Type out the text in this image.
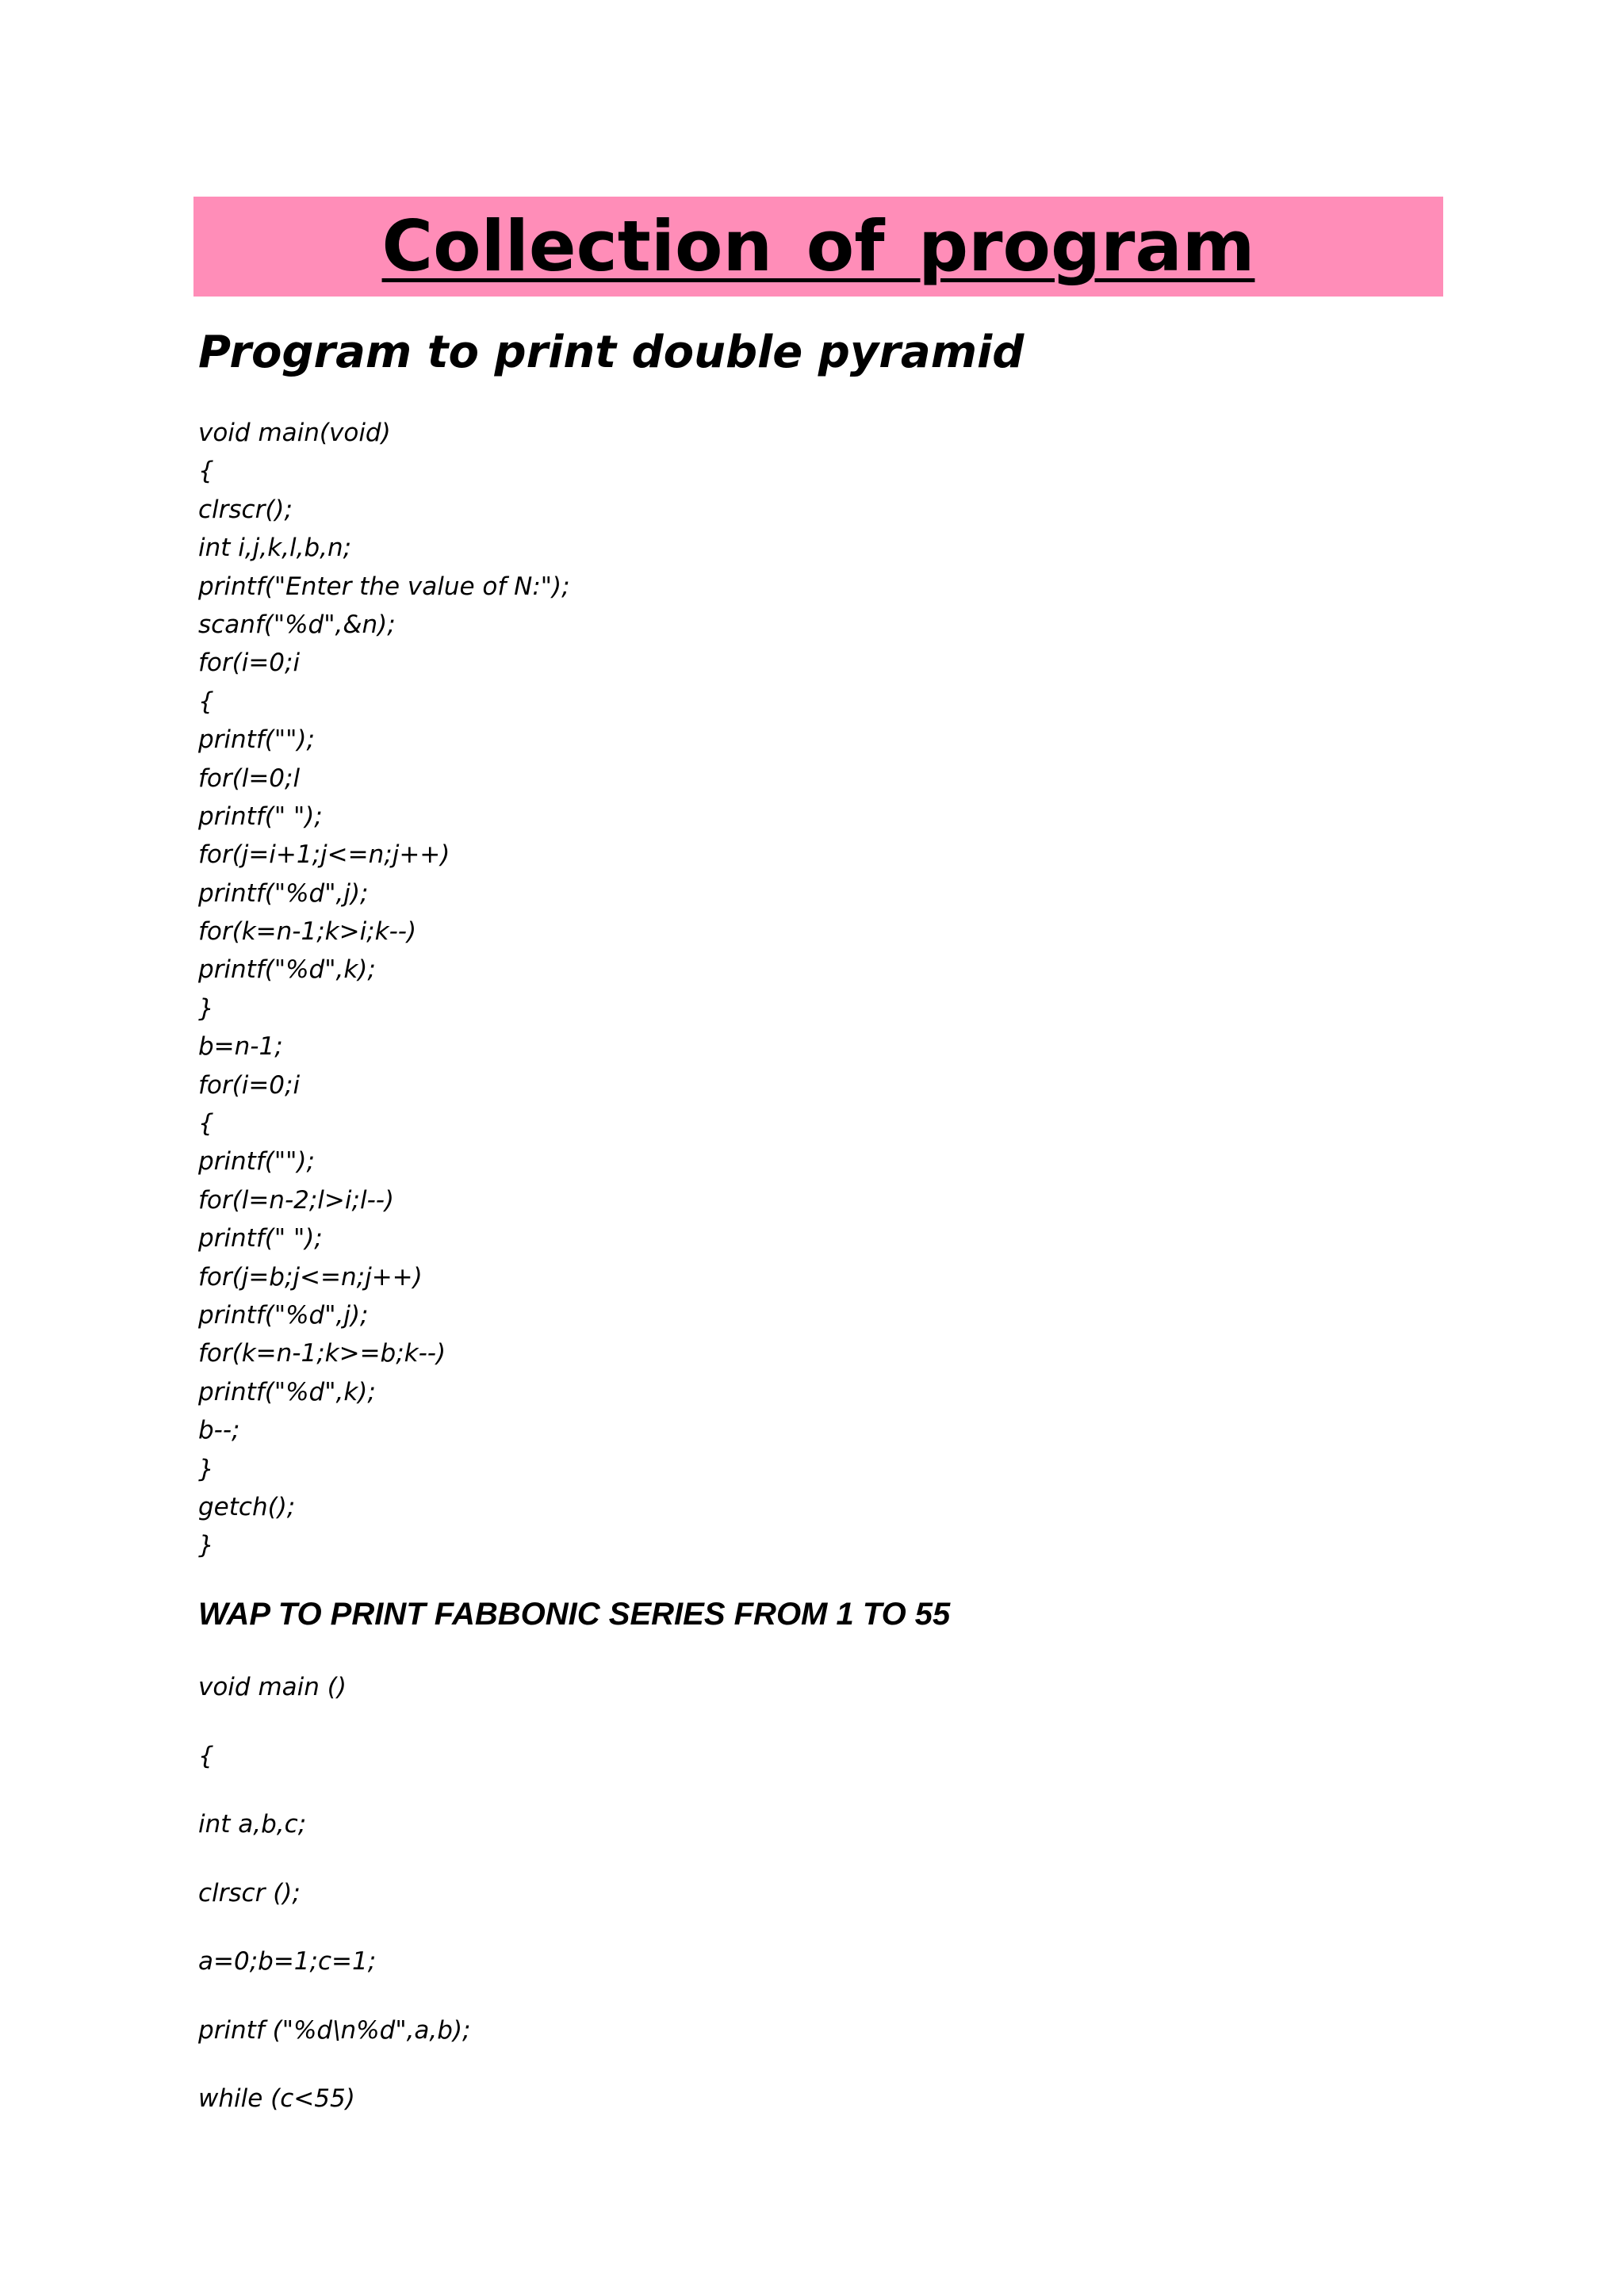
Collection of program
Program to print double pyramid
void main(void)
{
clrscr();
int i,j,k,l,b,n;
printf("Enter the value of N:");
scanf("%d",&n);
for(i=0;i
{
printf("");
for(l=0;l
printf(" ");
for(j=i+1;j<=n;j++)
printf("%d",j);
for(k=n-1;k>i;k--)
printf("%d",k);
}
b=n-1;
for(i=0;i
{
printf("");
for(l=n-2;l>i;l--)
printf(" ");
for(j=b;j<=n;j++)
printf("%d",j);
for(k=n-1;k>=b;k--)
printf("%d",k);
b--;
}
getch();
}
WAP TO PRINT FABBONIC SERIES FROM 1 TO 55
void main ()
{
int a,b,c;
clrscr ();
a=0;b=1;c=1;
printf ("%d\n%d",a,b);
while (c<55)
